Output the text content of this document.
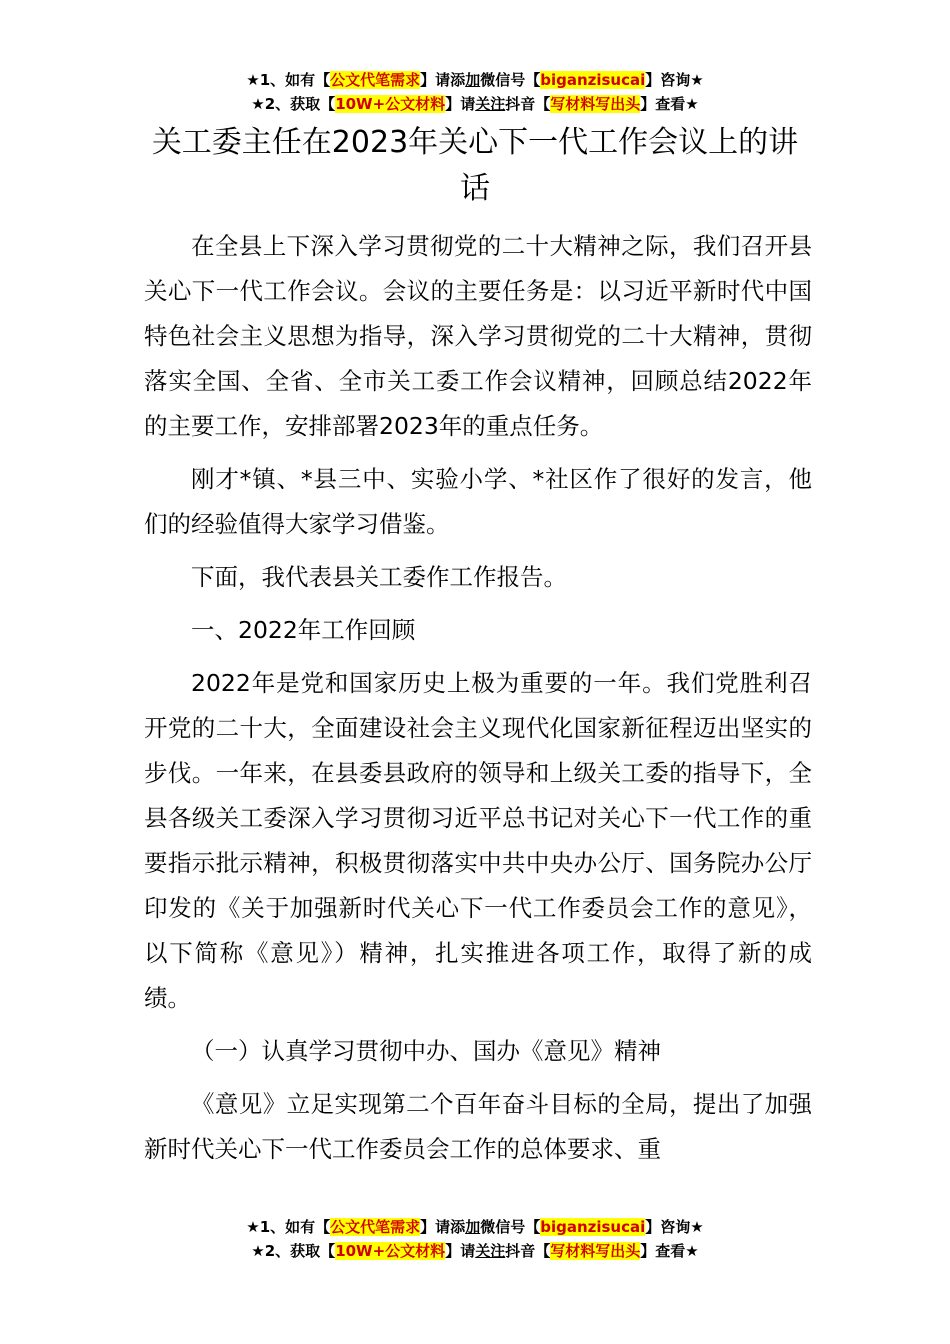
★1、如有【公文代笔需求】请添加微信号【biganzisucai】咨询★
★2、获取【10W+公文材料】请关注抖音【写材料写出头】查看★
关工委主任在2023年关心下一代工作会议上的讲话

在全县上下深入学习贯彻党的二十大精神之际，我们召开县关心下一代工作会议。会议的主要任务是：以习近平新时代中国特色社会主义思想为指导，深入学习贯彻党的二十大精神，贯彻落实全国、全省、全市关工委工作会议精神，回顾总结2022年的主要工作，安排部署2023年的重点任务。

刚才*镇、*县三中、实验小学、*社区作了很好的发言，他们的经验值得大家学习借鉴。

下面，我代表县关工委作工作报告。

一、2022年工作回顾

2022年是党和国家历史上极为重要的一年。我们党胜利召开党的二十大，全面建设社会主义现代化国家新征程迈出坚实的步伐。一年来，在县委县政府的领导和上级关工委的指导下，全县各级关工委深入学习贯彻习近平总书记对关心下一代工作的重要指示批示精神，积极贯彻落实中共中央办公厅、国务院办公厅印发的《关于加强新时代关心下一代工作委员会工作的意见》，以下简称《意见》）精神，扎实推进各项工作，取得了新的成绩。

（一）认真学习贯彻中办、国办《意见》精神

《意见》立足实现第二个百年奋斗目标的全局，提出了加强新时代关心下一代工作委员会工作的总体要求、重

★1、如有【公文代笔需求】请添加微信号【biganzisucai】咨询★
★2、获取【10W+公文材料】请关注抖音【写材料写出头】查看★
